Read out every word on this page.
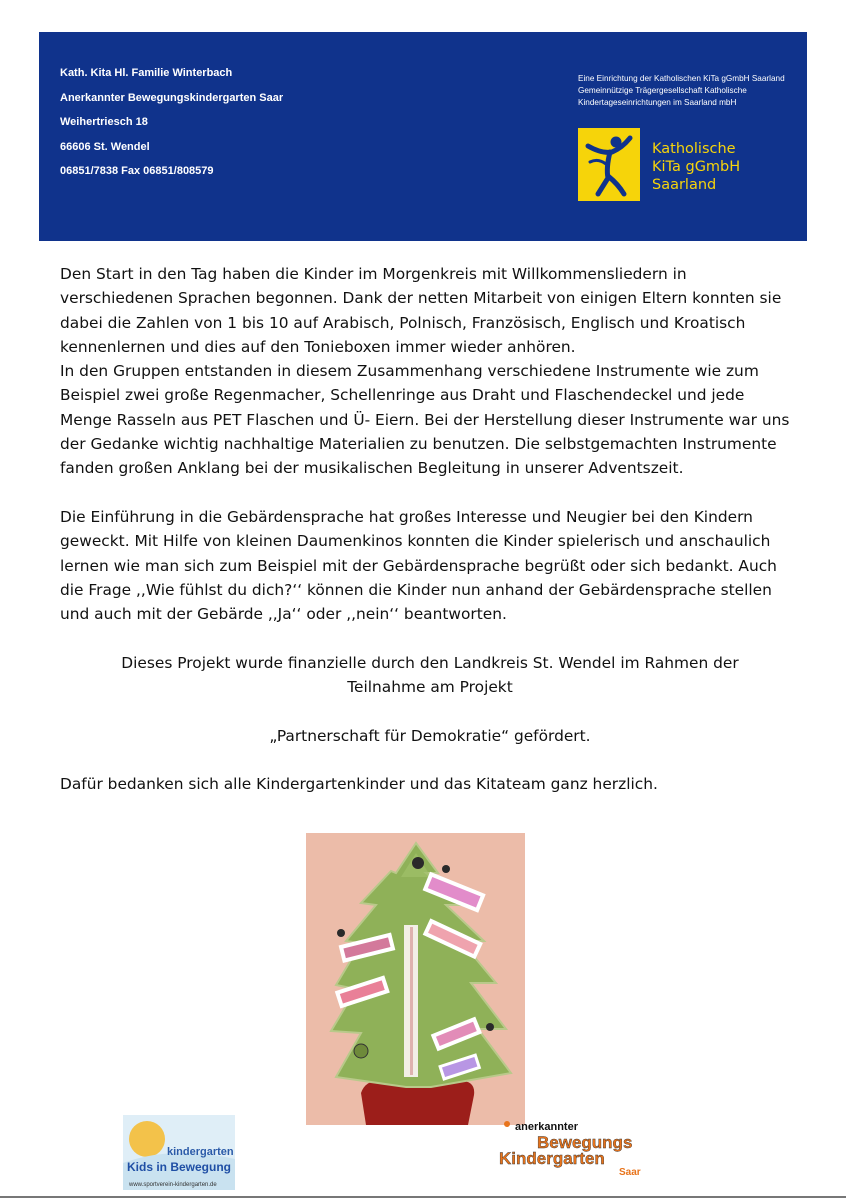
Kath. Kita Hl. Familie Winterbach
Anerkannter Bewegungskindergarten Saar
Weihertriesch 18
66606 St. Wendel
06851/7838 Fax 06851/808579
Eine Einrichtung der Katholischen KiTa gGmbH Saarland
Gemeinnützige Trägergesellschaft Katholische
Kindertageseinrichtungen im Saarland mbH
Katholische
KiTa gGmbH
Saarland

Den Start in den Tag haben die Kinder im Morgenkreis mit Willkommensliedern in verschiedenen Sprachen begonnen. Dank der netten Mitarbeit von einigen Eltern konnten sie dabei die Zahlen von 1 bis 10 auf Arabisch, Polnisch, Französisch, Englisch und Kroatisch kennenlernen und dies auf den Tonieboxen immer wieder anhören.

In den Gruppen entstanden in diesem Zusammenhang verschiedene Instrumente wie zum Beispiel zwei große Regenmacher, Schellenringe aus Draht und Flaschendeckel und jede Menge Rasseln aus PET Flaschen und Ü- Eiern. Bei der Herstellung dieser Instrumente war uns der Gedanke wichtig nachhaltige Materialien zu benutzen. Die selbstgemachten Instrumente fanden großen Anklang bei der musikalischen Begleitung in unserer Adventszeit.

Die Einführung in die Gebärdensprache hat großes Interesse und Neugier bei den Kindern geweckt. Mit Hilfe von kleinen Daumenkinos konnten die Kinder spielerisch und anschaulich lernen wie man sich zum Beispiel mit der Gebärdensprache begrüßt oder sich bedankt. Auch die Frage ,,Wie fühlst du dich?‘‘ können die Kinder nun anhand der Gebärdensprache stellen und auch mit der Gebärde ,,Ja‘‘ oder ,,nein‘‘ beantworten.

Dieses Projekt wurde finanzielle durch den Landkreis St. Wendel im Rahmen der

Teilnahme am Projekt

„Partnerschaft für Demokratie“ gefördert.

Dafür bedanken sich alle Kindergartenkinder und das Kitateam ganz herzlich.

kindergarten
Kids in Bewegung
www.sportverein-kindergarten.de
anerkannter
Bewegungs
Kindergarten
Saar
